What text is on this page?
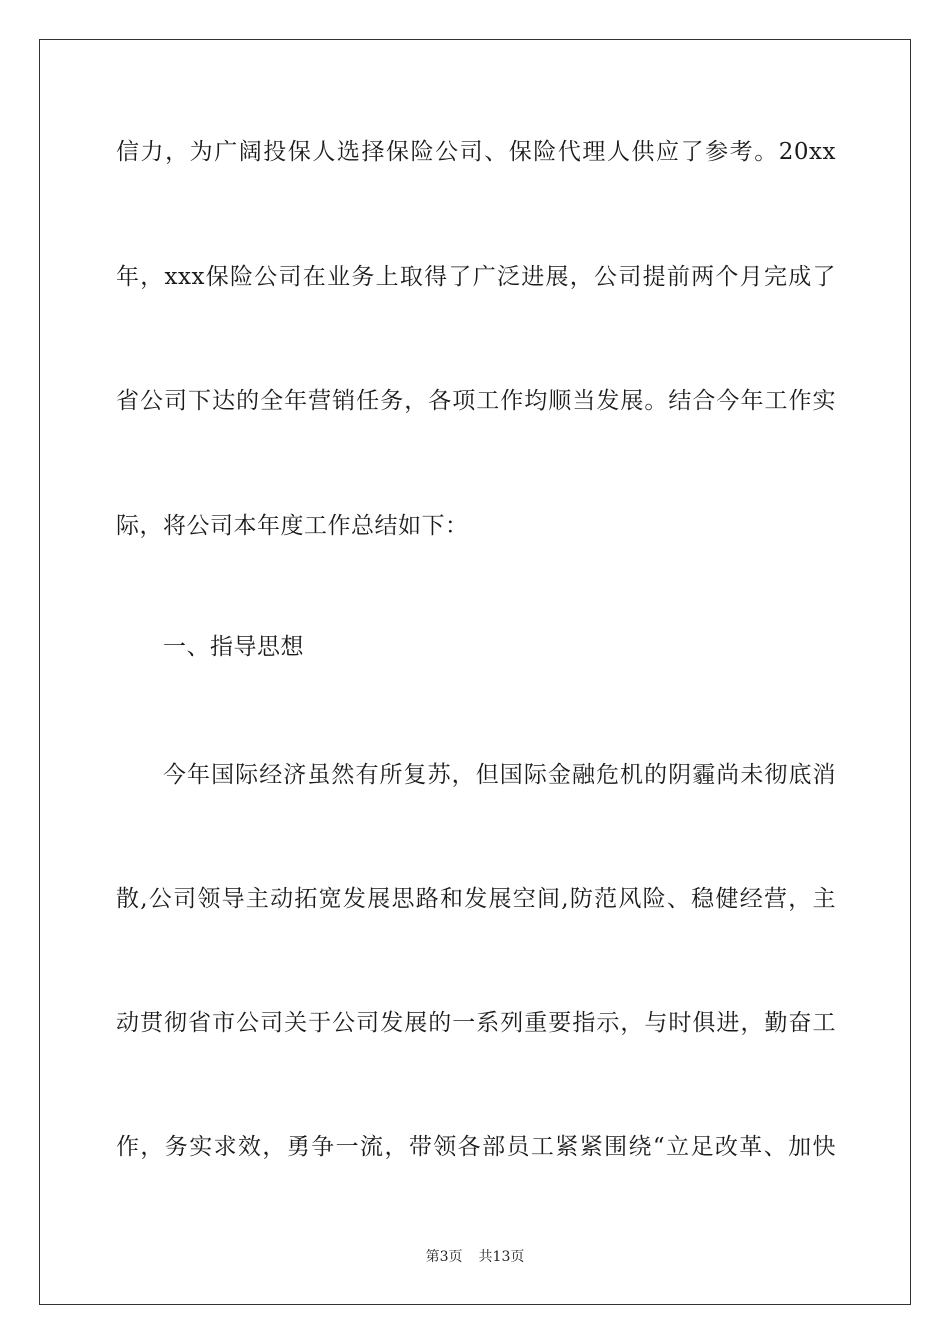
信力，为广阔投保人选择保险公司、保险代理人供应了参考。20xx
年，xxx保险公司在业务上取得了广泛进展，公司提前两个月完成了
省公司下达的全年营销任务，各项工作均顺当发展。结合今年工作实
际，将公司本年度工作总结如下：
一、指导思想
今年国际经济虽然有所复苏，但国际金融危机的阴霾尚未彻底消
散,公司领导主动拓宽发展思路和发展空间,防范风险、稳健经营，主
动贯彻省市公司关于公司发展的一系列重要指示，与时俱进，勤奋工
作，务实求效，勇争一流，带领各部员工紧紧围绕“立足改革、加快
第3页 共13页
